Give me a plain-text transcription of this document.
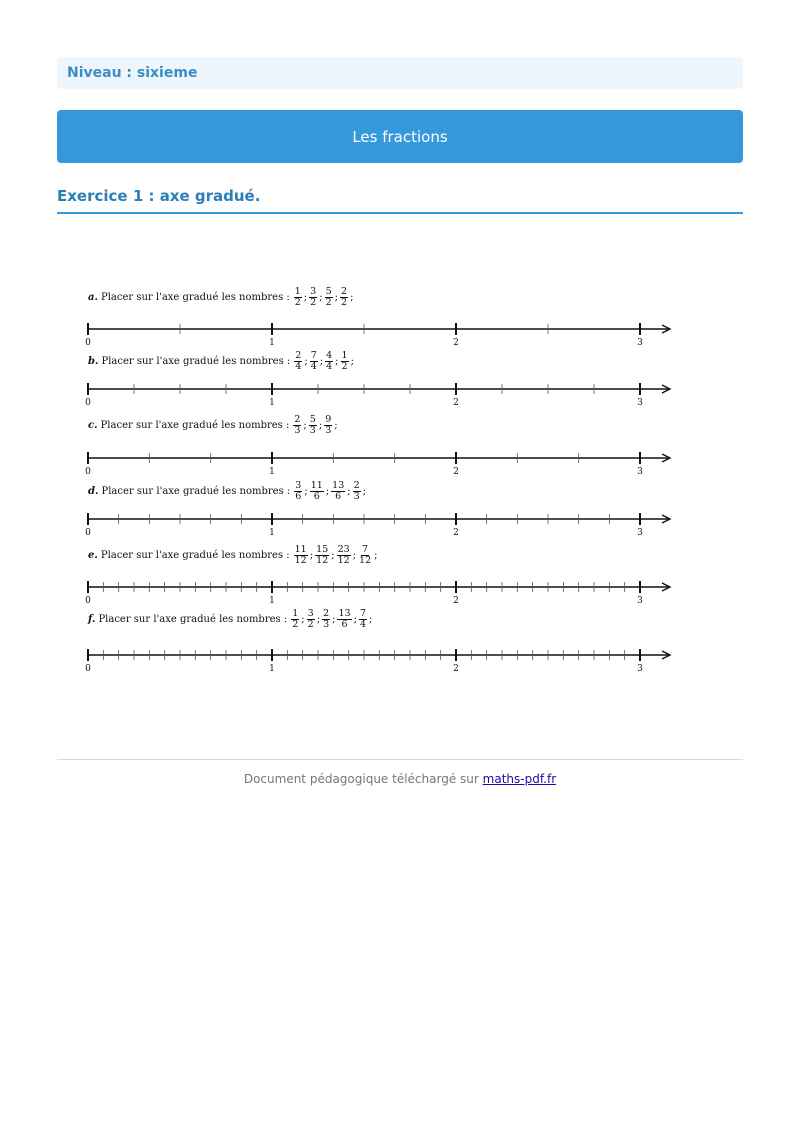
Niveau : sixieme
Les fractions
Exercice 1 : axe gradué.
a. Placer sur l'axe gradué les nombres : $\frac{1}{2}$ ; $\frac{3}{2}$ ; $\frac{5}{2}$ ; $\frac{2}{2}$ ;
0	1	2	3
b. Placer sur l'axe gradué les nombres : $\frac{2}{4}$ ; $\frac{7}{4}$ ; $\frac{4}{4}$ ; $\frac{1}{2}$ ;
0	1	2	3
c. Placer sur l'axe gradué les nombres : $\frac{2}{3}$ ; $\frac{5}{3}$ ; $\frac{9}{3}$ ;
0	1	2	3
d. Placer sur l'axe gradué les nombres : $\frac{3}{6}$ ; $\frac{11}{6}$ ; $\frac{13}{6}$ ; $\frac{2}{3}$ ;
0	1	2	3
e. Placer sur l'axe gradué les nombres : $\frac{11}{12}$ ; $\frac{15}{12}$ ; $\frac{23}{12}$ ; $\frac{7}{12}$ ;
0	1	2	3
f. Placer sur l'axe gradué les nombres : $\frac{1}{2}$ ; $\frac{3}{2}$ ; $\frac{2}{3}$ ; $\frac{13}{6}$ ; $\frac{7}{4}$ ;
0	1	2	3
Document pédagogique téléchargé sur maths-pdf.fr
